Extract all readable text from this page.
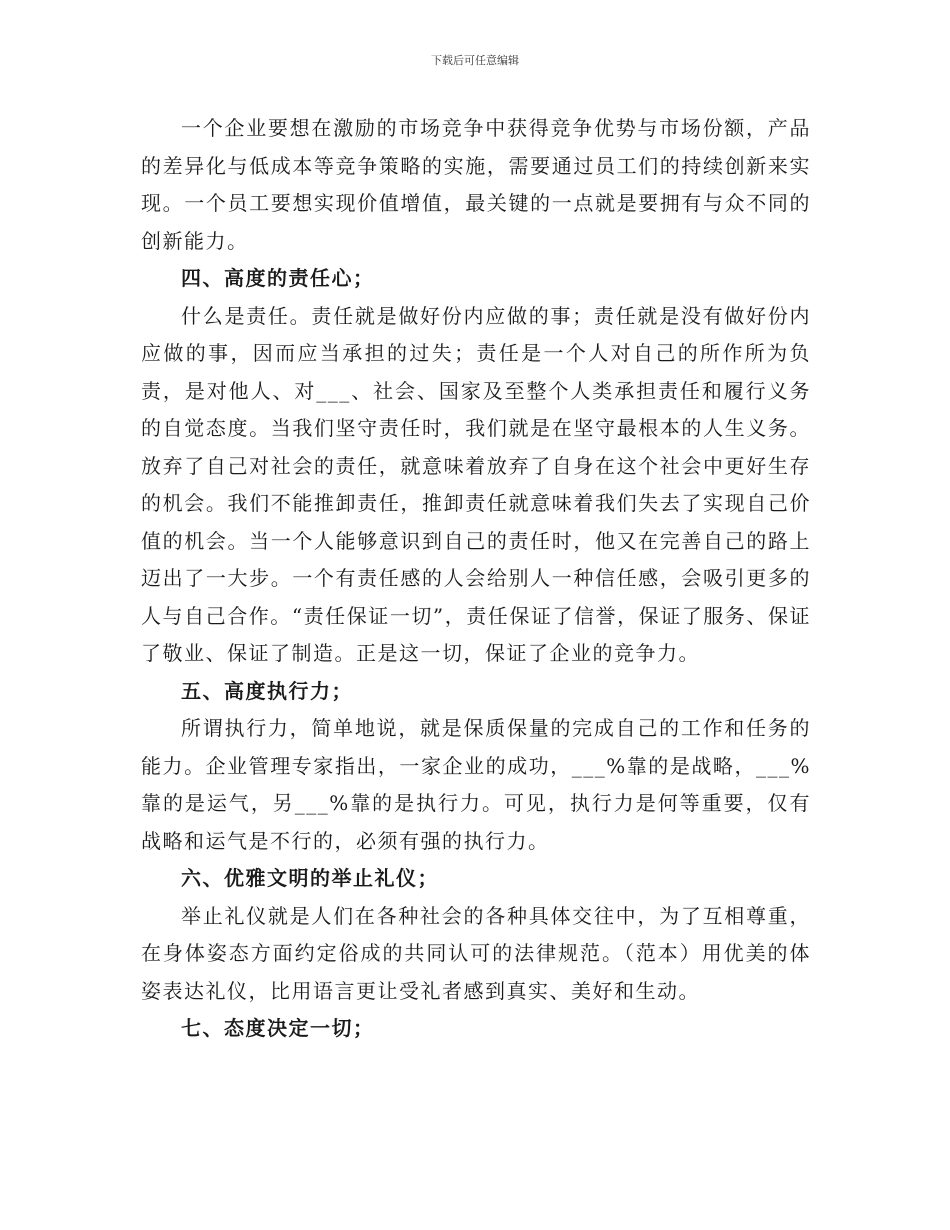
下载后可任意编辑

一个企业要想在激励的市场竞争中获得竞争优势与市场份额，产品的差异化与低成本等竞争策略的实施，需要通过员工们的持续创新来实现。一个员工要想实现价值增值，最关键的一点就是要拥有与众不同的创新能力。

四、高度的责任心；

什么是责任。责任就是做好份内应做的事；责任就是没有做好份内应做的事，因而应当承担的过失；责任是一个人对自己的所作所为负责，是对他人、对___、社会、国家及至整个人类承担责任和履行义务的自觉态度。当我们坚守责任时，我们就是在坚守最根本的人生义务。放弃了自己对社会的责任，就意味着放弃了自身在这个社会中更好生存的机会。我们不能推卸责任，推卸责任就意味着我们失去了实现自己价值的机会。当一个人能够意识到自己的责任时，他又在完善自己的路上迈出了一大步。一个有责任感的人会给别人一种信任感，会吸引更多的人与自己合作。“责任保证一切”，责任保证了信誉，保证了服务、保证了敬业、保证了制造。正是这一切，保证了企业的竞争力。

五、高度执行力；

所谓执行力，简单地说，就是保质保量的完成自己的工作和任务的能力。企业管理专家指出，一家企业的成功，___%靠的是战略，___%靠的是运气，另___%靠的是执行力。可见，执行力是何等重要，仅有战略和运气是不行的，必须有强的执行力。

六、优雅文明的举止礼仪；

举止礼仪就是人们在各种社会的各种具体交往中，为了互相尊重，在身体姿态方面约定俗成的共同认可的法律规范。（范本）用优美的体姿表达礼仪，比用语言更让受礼者感到真实、美好和生动。

七、态度决定一切；
